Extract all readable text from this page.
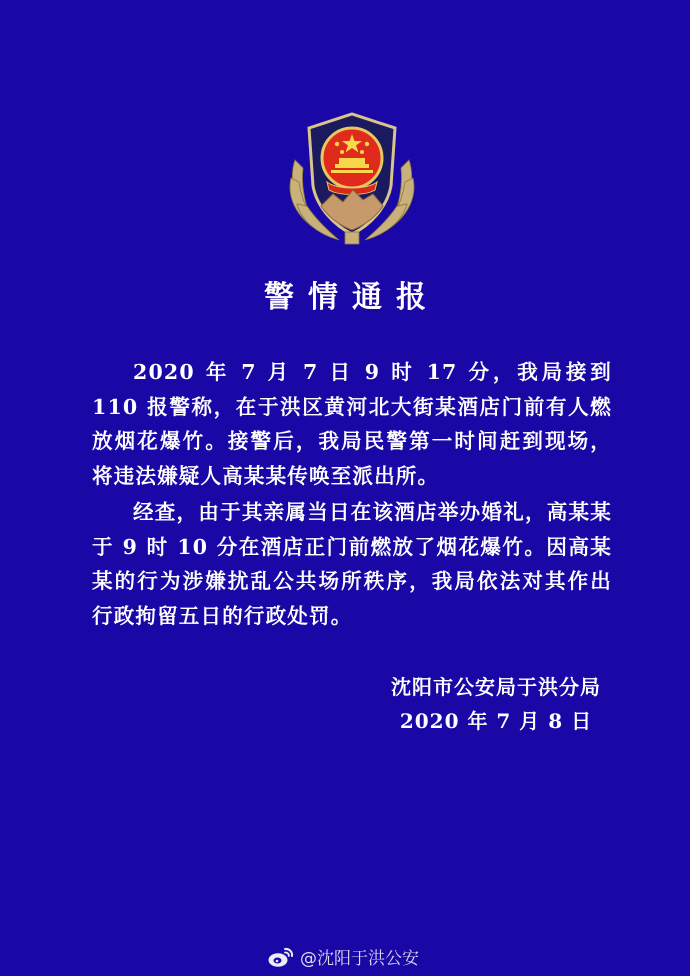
警情通报

2020 年 7 月 7 日 9 时 17 分，我局接到 110 报警称，在于洪区黄河北大街某酒店门前有人燃放烟花爆竹。接警后，我局民警第一时间赶到现场，将违法嫌疑人高某某传唤至派出所。

经查，由于其亲属当日在该酒店举办婚礼，高某某于 9 时 10 分在酒店正门前燃放了烟花爆竹。因高某某的行为涉嫌扰乱公共场所秩序，我局依法对其作出行政拘留五日的行政处罚。

沈阳市公安局于洪分局
2020 年 7 月 8 日
@沈阳于洪公安
